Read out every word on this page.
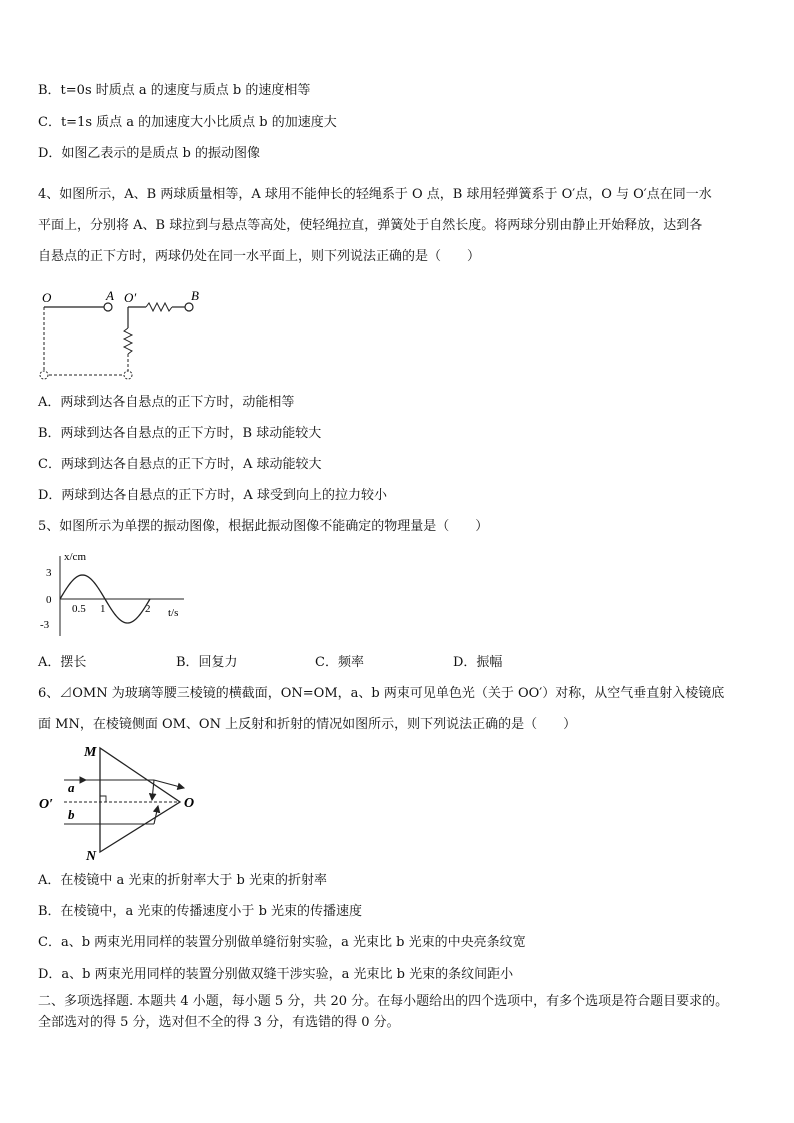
B．t=0s 时质点 a 的速度与质点 b 的速度相等
C．t=1s 质点 a 的加速度大小比质点 b 的加速度大
D．如图乙表示的是质点 b 的振动图像
4、如图所示，A、B 两球质量相等，A 球用不能伸长的轻绳系于 O 点，B 球用轻弹簧系于 O′点，O 与 O′点在同一水
平面上，分别将 A、B 球拉到与悬点等高处，使轻绳拉直，弹簧处于自然长度。将两球分别由静止开始释放，达到各
自悬点的正下方时，两球仍处在同一水平面上，则下列说法正确的是（　　）
O	A O′	B
A．两球到达各自悬点的正下方时，动能相等
B．两球到达各自悬点的正下方时，B 球动能较大
C．两球到达各自悬点的正下方时，A 球动能较大
D．两球到达各自悬点的正下方时，A 球受到向上的拉力较小
5、如图所示为单摆的振动图像，根据此振动图像不能确定的物理量是（　　）
x/cm
t/s
3
0
-3
0.5 1	2
A．摆长	B．回复力	C．频率	D．振幅
6、⊿OMN 为玻璃等腰三棱镜的横截面，ON=OM，a、b 两束可见单色光（关于 OO′）对称，从空气垂直射入棱镜底
面 MN，在棱镜侧面 OM、ON 上反射和折射的情况如图所示，则下列说法正确的是（　　）
M
N
O′	O
a
b
A．在棱镜中 a 光束的折射率大于 b 光束的折射率
B．在棱镜中，a 光束的传播速度小于 b 光束的传播速度
C．a、b 两束光用同样的装置分别做单缝衍射实验，a 光束比 b 光束的中央亮条纹宽
D．a、b 两束光用同样的装置分别做双缝干涉实验，a 光束比 b 光束的条纹间距小
二、多项选择题. 本题共 4 小题，每小题 5 分，共 20 分。在每小题给出的四个选项中，有多个选项是符合题目要求的。
全部选对的得 5 分，选对但不全的得 3 分，有选错的得 0 分。
